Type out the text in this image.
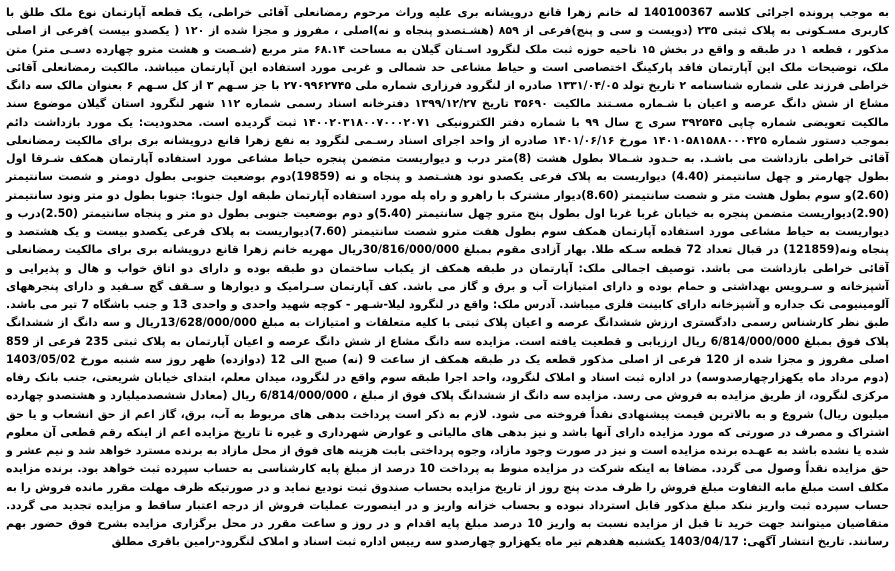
به موجب پرونده اجرائی کلاسه 140100367 له خانم زهرا قانع درویشانه بری علیه وراث مرحوم رمضانعلی آقائی خراطی، یک قطعه آپارتمان نوع ملک طلق با کاربری مسـکونی به پلاک ثبتی ۲۳۵ (دویست و سی و پنج)فرعی از ۸۵۹ (هشـتصدو پنجاه و نه)اصلی ، مفروز و مجزا شده از ۱۲۰ ( یکصدو بیست )فرعی از اصلی مذکور ، قطعه ۱ در طبقه و واقع در بخش ۱۵ ناحیه حوزه ثبت ملک لنگرود اسـتان گیلان به مساحت ۶۸.۱۴ متر مربع (شـصت و هشت مترو چهارده دسـی متر) متن ملک، توضیحات ملک این آپارتمان فاقد پارکینگ اختصاصی است و حیاط مشاعی حد شمالی و غربی مورد استفاده این آپارتمان میباشد. مالکیت رمضانعلی آقائی خراطی فرزند علی شماره شناسنامه ۲ تاریخ تولد ۱۳۳۱/۰۴/۰۵ صادره از لنگرود فرزاری شماره ملی ۲۷۰۹۹۶۲۷۴۵ با جز سـهم ۳ از کل سـهم ۶ بعنوان مالک سه دانگ مشاع از شش دانگ عرصه و اعیان با شـماره مسـتند مالکیت ۳۵۶۹۰ تاریخ ۱۳۹۹/۱۲/۲۷ دفترخانه اسناد رسمی شماره ۱۱۲ شهر لنگرود استان گیلان موضوع سند مالکیت تعویضی شماره چاپی ۳۹۲۵۴۵ سری ج سال ۹۹ با شماره دفتر الکترونیکی ۱۴۰۰۲۰۳۱۸۰۰۷۰۰۰۲۰۷۱ ثبت گردیده است. محدودیت: یک مورد بازداشت دائم بموجب دستور شماره ۱۴۰۱۰۵۸۱۵۸۸۰۰۰۴۲۵ مورخ ۱۴۰۱/۰۶/۱۶ صادره از واحد اجرای اسناد رسـمی لنگرود به نفع زهرا قانع درویشانه بری برای مالکیت رمضانعلی آقائی خراطی بازداشت می باشـد. به حـدود شـمالا بطول هشت (8)متر درب و دیواریست متضمن پنجره حیاط مشاعی مورد استفاده آپارتمان همکف شـرقا اول بطول چهارمتر و چهل سانتیمتر (4.40) دیواریست به پلاک فرعی یکصدو نود هشـتصد و پنجاه و نه (19859)دوم بوضعیت جنوبی بطول دومتر و شصت سانتیمتر (2.60)و سوم بطول هشت متر و شصت سانتیمتر (8.60)دیوار مشترک با راهرو و راه پله مورد استفاده آپارتمان طبقه اول جنوبا: جنوبا بطول دو متر ونود سانتیمتر (2.90)دیواریست متضمن پنجره به خیابان غربا غربا اول بطول پنج مترو چهل سانتیمتر (5.40)و دوم بوضعیت جنوبی بطول دو متر و پنجاه سانتیمتر (2.50)درب و دیواریست به حیاط مشاعی مورد استفاده آپارتمان همکف سوم بطول هفت مترو شصت سانتیمتر (7.60)دیواریست به پلاک فرعی یکصدو بیست و یک هشتصد و پنجاه ونه(121859) در قبال تعداد 72 قطعه سـکه طلا. بهار آزادی مقوم بمبلغ 30/816/000/000ریال مهریه خانم زهرا قانع درویشانه بری برای مالکیت رمضانعلی آقائی خراطی بازداشت می باشد. توصیف اجمالی ملک: آپارتمان در طبقه همکف از یکباب ساختمان دو طبقه بوده و دارای دو اتاق خواب و هال و پذیرایی و آشپزخانه و سـرویس بهداشتی و حمام بوده و دارای امتیازات آب و برق و گاز می باشد. کف آپارتمان سـرامیک و دیوارها و سـقف گچ سـفید و دارای پنجرههای آلومینیومی تک جداره و آشپزخانه دارای کابینت فلزی میباشد. آدرس ملک: واقع در لنگرود لیلا-شـهر - کوچه شهید واحدی و واحدی 13 و جنب باشگاه 7 تیر می باشد. طبق نظر کارشناس رسمی دادگستری ارزش ششدانگ عرصه و اعیان پلاک ثبتی با کلیه متعلقات و امتیازات به مبلغ 13/628/000/000ریال و سه دانگ از ششدانگ پلاک فوق بمبلغ 6/814/000/000 ریال ارزیابی و قطعیت یافته است. مزایده سه دانگ مشاع از شش دانگ عرصه و اعیان آپارتمان به پلاک ثبتی 235 فرعی از 859 اصلی مفروز و مجزا شده از 120 فرعی از اصلی مذکور قطعه یک در طبقه همکف از ساعت 9 (نه) صبح الی 12 (دوازده) ظهر روز سه شنبه مورخ 1403/05/02 (دوم مرداد ماه یکهزارچهارصدوسه) در اداره ثبت اسناد و املاک لنگرود، واحد اجرا طبقه سوم واقع در لنگرود، میدان معلم، ابتدای خیابان شریعتی، جنب بانک رفاه مرکزی لنگرود، از طریق مزایده به فروش می رسد. مزایده سه دانگ از ششدانگ پلاک فوق از مبلغ ، 6/814/000/000 ریال (معادل ششصدمیلیارد و هشتصدو چهارده میلیون ریال) شروع و به بالاترین قیمت پیشنهادی نقداً فروخته می شود. لازم به ذکر است پرداخت بدهی های مربوط به آب، برق، گاز اعم از حق انشعاب و یا حق اشتراک و مصرف در صورتی که مورد مزایده دارای آنها باشد و نیز بدهی های مالیاتی و عوارض شهرداری و غیره تا تاریخ مزایده اعم از اینکه رقم قطعی آن معلوم شده یا نشده باشد به عهـده برنده مزایده است و نیز در صورت وجود مازاد، وجوه پرداختی بابت هزینه های فوق از محل مازاد به برنده مسترد خواهد شد و نیم عشر و حق مزایده نقداً وصول می گردد. مضافا به اینکه شرکت در مزایده منوط به پرداخت 10 درصد از مبلغ پایه کارشناسی به حساب سپرده ثبت خواهد بود. برنده مزایده مکلف است مبلغ مابه التفاوت مبلغ فروش را ظرف مدت پنج روز از تاریخ مزایده بحساب صندوق ثبت تودیع نماید و در صورتیکه ظرف مهلت مقرر مانده فروش را به حساب سپرده ثبت واریز ننکد مبلغ مذکور قابل استرداد نبوده و بحساب خزانه واریز و در اینصورت عملیات فروش از درجه اعتبار ساقط و مزایده تجدید می گردد. متقاضیان میتوانند جهت خرید تا قبل از مزایده نسبت به واریز 10 درصد مبلغ پایه اقدام و در روز و ساعت مقرر در محل برگزاری مزایده بشرح فوق حضور بهم رسانند. تاریخ انتشار آگهی: 1403/04/17 یکشنبه هفدهم تیر ماه یکهزارو چهارصدو سه رییس اداره ثبت اسناد و املاک لنگرود-رامین باقری مطلق
